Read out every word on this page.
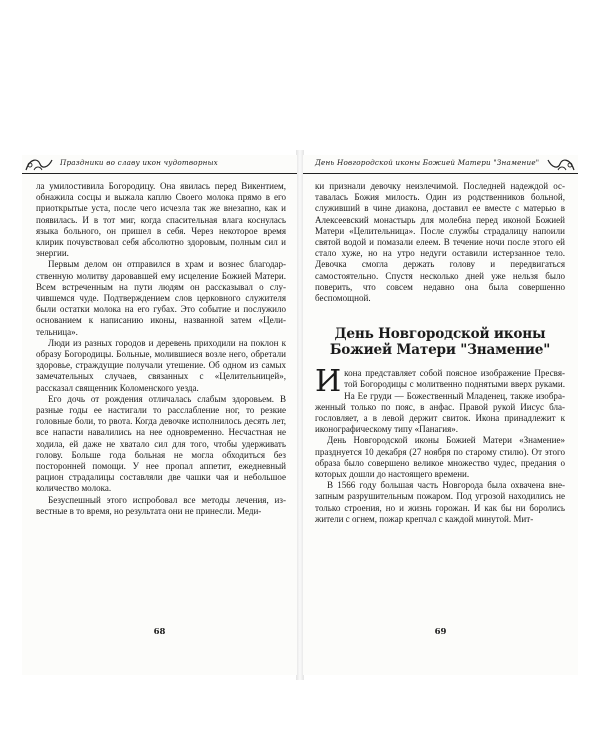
Праздники во славу икон чудотворных

ла умилостивила Богородицу. Она явилась перед Викентием, обнажила сосцы и выжала каплю Своего молока прямо в его приоткрытые уста, после чего исчезла так же внезапно, как и появилась. И в тот миг, когда спасительная влага коснулась языка больного, он пришел в себя. Через некоторое время клирик почувствовал себя абсолютно здоровым, полным сил и энергии.

Первым делом он отправился в храм и вознес благодарственную молитву даровавшей ему исцеление Божией Матери. Всем встреченным на пути людям он рассказывал о случившемся чуде. Подтверждением слов церковного служителя были остатки молока на его губах. Это событие и послужило основанием к написанию иконы, названной затем «Целительница».

Люди из разных городов и деревень приходили на поклон к образу Богородицы. Больные, молившиеся возле него, обретали здоровье, страждущие получали утешение. Об одном из самых замечательных случаев, связанных с «Целительницей», рассказал священник Коломенского уезда.

Его дочь от рождения отличалась слабым здоровьем. В разные годы ее настигали то расслабление ног, то резкие головные боли, то рвота. Когда девочке исполнилось десять лет, все напасти навалились на нее одновременно. Несчастная не ходила, ей даже не хватало сил для того, чтобы удерживать голову. Больше года больная не могла обходиться без посторонней помощи. У нее пропал аппетит, ежедневный рацион страдалицы составляли две чашки чая и небольшое количество молока.

Безуспешный этого испробовал все методы лечения, известные в то время, но результата они не принесли. Меди-

68
День Новгородской иконы Божией Матери "Знамение"

ки признали девочку неизлечимой. Последней надеждой оставалась Божия милость. Один из родственников больной, служивший в чине диакона, доставил ее вместе с матерью в Алексеевский монастырь для молебна перед иконой Божией Матери «Целительница». После службы страдалицу напоили святой водой и помазали елеем. В течение ночи после этого ей стало хуже, но на утро недуги оставили истерзанное тело. Девочка смогла держать голову и передвигаться самостоятельно. Спустя несколько дней уже нельзя было поверить, что совсем недавно она была совершенно беспомощной.

День Новгородской иконы
Божией Матери "Знамение"
И кона представляет собой поясное изображение Пресвятой Богородицы с молитвенно поднятыми вверх руками. На Ее груди — Божественный Младенец, также изображенный только по пояс, в анфас. Правой рукой Иисус благословляет, а в левой держит свиток. Икона принадлежит к иконографическому типу «Панагия».

День Новгородской иконы Божией Матери «Знамение» празднуется 10 декабря (27 ноября по старому стилю). От этого образа было совершено великое множество чудес, предания о которых дошли до настоящего времени.

В 1566 году большая часть Новгорода была охвачена внезапным разрушительным пожаром. Под угрозой находились не только строения, но и жизнь горожан. И как бы ни боролись жители с огнем, пожар крепчал с каждой минутой. Мит-

69
